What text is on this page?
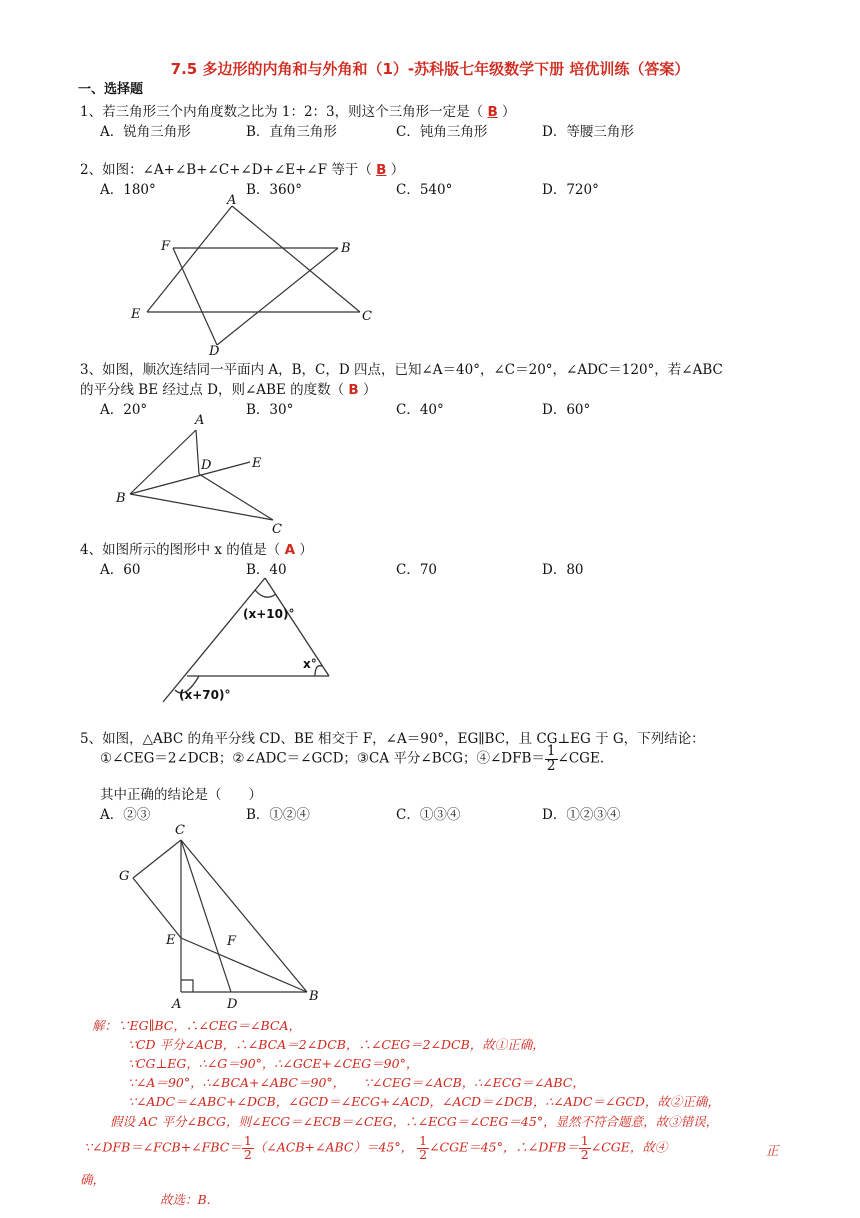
7.5 多边形的内角和与外角和（1）-苏科版七年级数学下册 培优训练（答案）
一、选择题
1、若三角形三个内角度数之比为 1：2：3，则这个三角形一定是（ B ）
A．锐角三角形	B．直角三角形	C．钝角三角形	D．等腰三角形
2、如图：∠A+∠B+∠C+∠D+∠E+∠F 等于（ B ）
A．180°	B．360°	C．540°	D．720°
A
B
C
D
E
F
3、如图，顺次连结同一平面内 A，B，C，D 四点，已知∠A＝40°，∠C＝20°，∠ADC＝120°，若∠ABC
的平分线 BE 经过点 D，则∠ABE 的度数（ B ）
A．20°	B．30°	C．40°	D．60°
A
B
C
D	E
4、如图所示的图形中 x 的值是（ A ）
A．60	B．40	C．70	D．80
(x+10)°
x°
(x+70)°
5、如图，△ABC 的角平分线 CD、BE 相交于 F，∠A＝90°，EG∥BC，且 CG⊥EG 于 G，下列结论：
①∠CEG＝2∠DCB；②∠ADC＝∠GCD；③CA 平分∠BCG；④∠DFB＝ $\frac{1}{2}$ ∠CGE.
其中正确的结论是（　　）
A．②③	B．①②④	C．①③④	D．①②③④
C
G
E	F
A	D
B
解：∵EG∥BC，∴∠CEG＝∠BCA，
∵CD 平分∠ACB，∴∠BCA＝2∠DCB，∴∠CEG＝2∠DCB，故①正确，
∵CG⊥EG，∴∠G＝90°，∴∠GCE+∠CEG＝90°，
∵∠A＝90°，∴∠BCA+∠ABC＝90°，　　∵∠CEG＝∠ACB，∴∠ECG＝∠ABC，
∵∠ADC＝∠ABC+∠DCB，∠GCD＝∠ECG+∠ACD，∠ACD＝∠DCB，∴∠ADC＝∠GCD，故②正确，
假设 AC 平分∠BCG，则∠ECG＝∠ECB＝∠CEG，∴∠ECG＝∠CEG＝45°，显然不符合题意，故③错误，
∵∠DFB＝∠FCB+∠FBC＝ $\frac{1}{2}$ （∠ACB+∠ABC）＝45°， $\frac{1}{2}$ ∠CGE＝45°，∴∠DFB＝ $\frac{1}{2}$ ∠CGE，故④	正
确，
故选：B.
